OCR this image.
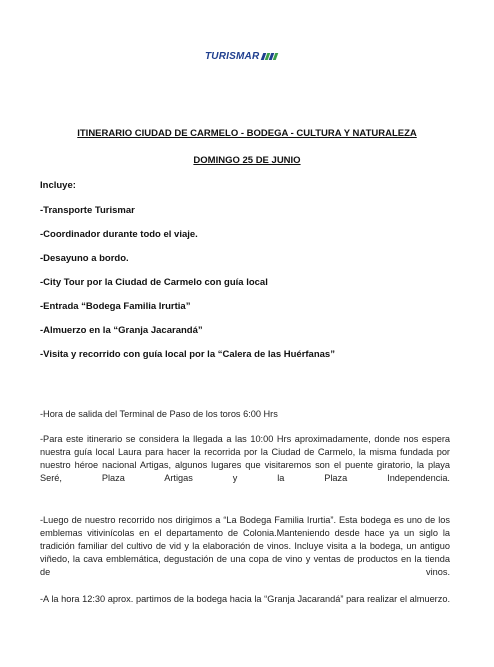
TURISMAR
ITINERARIO CIUDAD DE CARMELO - BODEGA - CULTURA Y NATURALEZA
DOMINGO 25 DE JUNIO
Incluye:
-Transporte Turismar
-Coordinador durante todo el viaje.
-Desayuno a bordo.
-City Tour por la Ciudad de Carmelo con guía local
-Entrada “Bodega Familia Irurtia”
-Almuerzo en la “Granja Jacarandá”
-Visita y recorrido con guía local por la “Calera de las Huérfanas”
-Hora de salida del Terminal de Paso de los toros 6:00 Hrs
-Para este itinerario se considera la llegada a las 10:00 Hrs aproximadamente, donde nos espera nuestra guía local Laura para hacer la recorrida por la Ciudad de Carmelo, la misma fundada por nuestro héroe nacional Artigas, algunos lugares que visitaremos son el puente giratorio, la playa Seré, Plaza Artigas y la Plaza Independencia.
-Luego de nuestro recorrido nos dirigimos a “La Bodega Familia Irurtia”. Esta bodega es uno de los emblemas vitivinícolas en el departamento de Colonia.Manteniendo desde hace ya un siglo la tradición familiar del cultivo de vid y la elaboración de vinos. Incluye visita a la bodega, un antiguo viñedo, la cava emblemática, degustación de una copa de vino y ventas de productos en la tienda de vinos.
-A la hora 12:30 aprox. partimos de la bodega hacia la “Granja Jacarandá” para realizar el almuerzo.
